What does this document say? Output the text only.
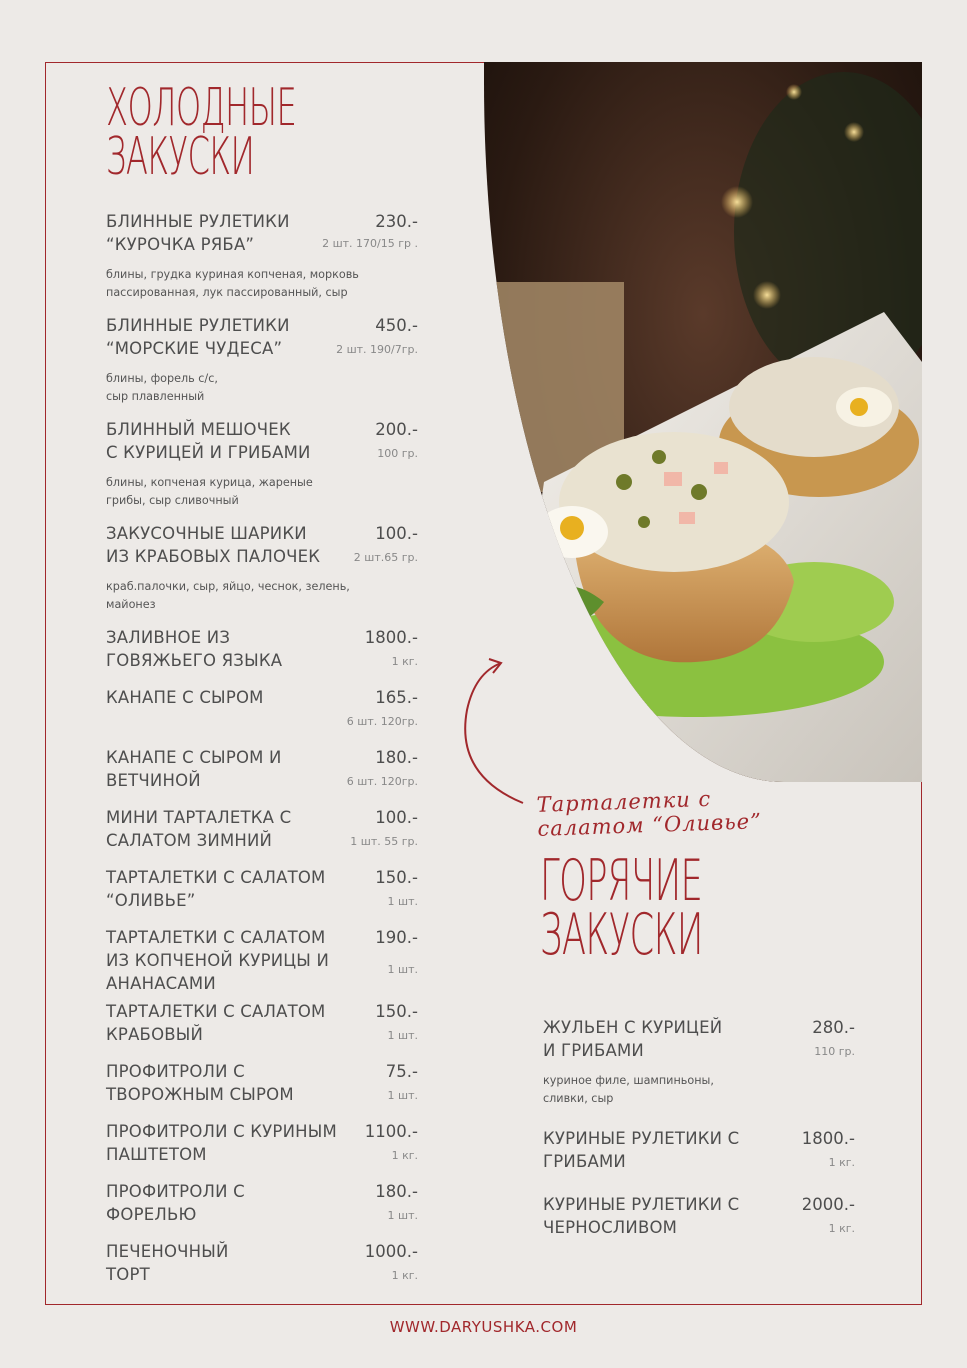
Тарталетки с
салатом “Оливье”
ХОЛОДНЫЕ
ЗАКУСКИ
ГОРЯЧИЕ
ЗАКУСКИ
БЛИННЫЕ РУЛЕТИКИ
“КУРОЧКА РЯБА”
230.-
2 шт. 170/15 гр .
блины, грудка куриная копченая, морковь
пассированная, лук пассированный, сыр
БЛИННЫЕ РУЛЕТИКИ
“МОРСКИЕ ЧУДЕСА”
450.-
2 шт. 190/7гр.
блины, форель с/с,
сыр плавленный
БЛИННЫЙ МЕШОЧЕК
С КУРИЦЕЙ И ГРИБАМИ
200.-
100 гр.
блины, копченая курица, жареные
грибы, сыр сливочный
ЗАКУСОЧНЫЕ ШАРИКИ
ИЗ КРАБОВЫХ ПАЛОЧЕК
100.-
2 шт.65 гр.
краб.палочки, сыр, яйцо, чеснок, зелень,
майонез
ЗАЛИВНОЕ ИЗ
ГОВЯЖЬЕГО ЯЗЫКА
1800.-
1 кг.
КАНАПЕ С СЫРОМ	165.-
6 шт. 120гр.
КАНАПЕ С СЫРОМ И
ВЕТЧИНОЙ
180.-
6 шт. 120гр.
МИНИ ТАРТАЛЕТКА С
САЛАТОМ ЗИМНИЙ
100.-
1 шт. 55 гр.
ТАРТАЛЕТКИ С САЛАТОМ
“ОЛИВЬЕ”
150.-
1 шт.
ТАРТАЛЕТКИ С САЛАТОМ
ИЗ КОПЧЕНОЙ КУРИЦЫ И
АНАНАСАМИ
190.-
1 шт.
ТАРТАЛЕТКИ С САЛАТОМ
КРАБОВЫЙ
150.-
1 шт.
ПРОФИТРОЛИ С
ТВОРОЖНЫМ СЫРОМ
75.-
1 шт.
ПРОФИТРОЛИ С КУРИНЫМ
ПАШТЕТОМ
1100.-
1 кг.
ПРОФИТРОЛИ С
ФОРЕЛЬЮ
180.-
1 шт.
ПЕЧЕНОЧНЫЙ
ТОРТ
1000.-
1 кг.
ЖУЛЬЕН С КУРИЦЕЙ
И ГРИБАМИ
280.-
110 гр.
куриное филе, шампиньоны,
сливки, сыр
КУРИНЫЕ РУЛЕТИКИ С
ГРИБАМИ
1800.-
1 кг.
КУРИНЫЕ РУЛЕТИКИ С
ЧЕРНОСЛИВОМ
2000.-
1 кг.
WWW.DARYUSHKA.COM
